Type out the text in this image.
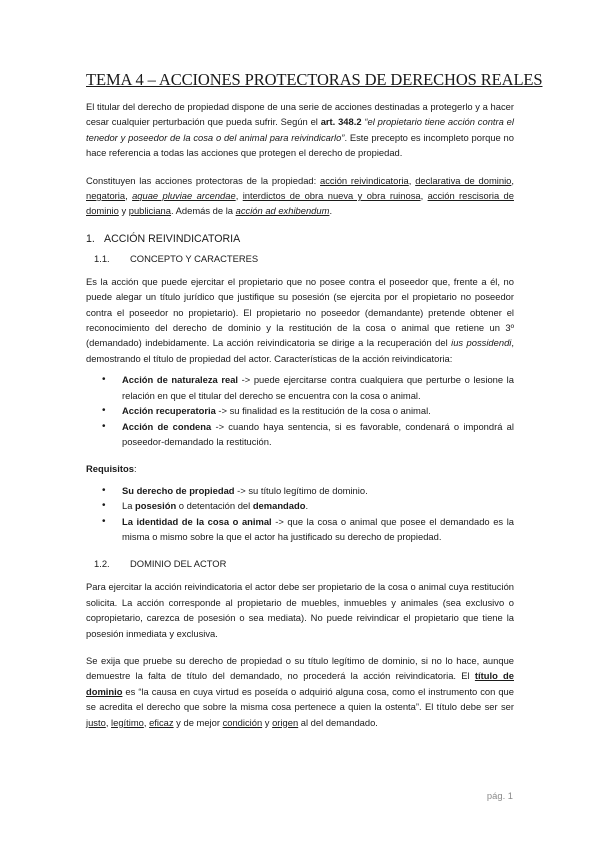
TEMA 4 – ACCIONES PROTECTORAS DE DERECHOS REALES

El titular del derecho de propiedad dispone de una serie de acciones destinadas a protegerlo y a hacer cesar cualquier perturbación que pueda sufrir. Según el art. 348.2 “el propietario tiene acción contra el tenedor y poseedor de la cosa o del animal para reivindicarlo”. Este precepto es incompleto porque no hace referencia a todas las acciones que protegen el derecho de propiedad.

Constituyen las acciones protectoras de la propiedad: acción reivindicatoria, declarativa de dominio, negatoria, aquae pluviae arcendae, interdictos de obra nueva y obra ruinosa, acción rescisoria de dominio y publiciana. Además de la acción ad exhibendum.

1. ACCIÓN REIVINDICATORIA
1.1. CONCEPTO Y CARACTERES

Es la acción que puede ejercitar el propietario que no posee contra el poseedor que, frente a él, no puede alegar un título jurídico que justifique su posesión (se ejercita por el propietario no poseedor contra el poseedor no propietario). El propietario no poseedor (demandante) pretende obtener el reconocimiento del derecho de dominio y la restitución de la cosa o animal que retiene un 3º (demandado) indebidamente. La acción reivindicatoria se dirige a la recuperación del ius possidendi, demostrando el título de propiedad del actor. Características de la acción reivindicatoria:

• Acción de naturaleza real -> puede ejercitarse contra cualquiera que perturbe o lesione la relación en que el titular del derecho se encuentra con la cosa o animal.
• Acción recuperatoria -> su finalidad es la restitución de la cosa o animal.
• Acción de condena -> cuando haya sentencia, si es favorable, condenará o impondrá al poseedor-demandado la restitución.

Requisitos:

• Su derecho de propiedad -> su título legítimo de dominio.
• La posesión o detentación del demandado.
• La identidad de la cosa o animal -> que la cosa o animal que posee el demandado es la misma o mismo sobre la que el actor ha justificado su derecho de propiedad.
1.2. DOMINIO DEL ACTOR

Para ejercitar la acción reivindicatoria el actor debe ser propietario de la cosa o animal cuya restitución solicita. La acción corresponde al propietario de muebles, inmuebles y animales (sea exclusivo o copropietario, carezca de posesión o sea mediata). No puede reivindicar el propietario que tiene la posesión inmediata y exclusiva.

Se exija que pruebe su derecho de propiedad o su título legítimo de dominio, si no lo hace, aunque demuestre la falta de título del demandado, no procederá la acción reivindicatoria. El título de dominio es “la causa en cuya virtud es poseída o adquirió alguna cosa, como el instrumento con que se acredita el derecho que sobre la misma cosa pertenece a quien la ostenta”. El título debe ser ser justo, legítimo, eficaz y de mejor condición y origen al del demandado.

pág. 1
